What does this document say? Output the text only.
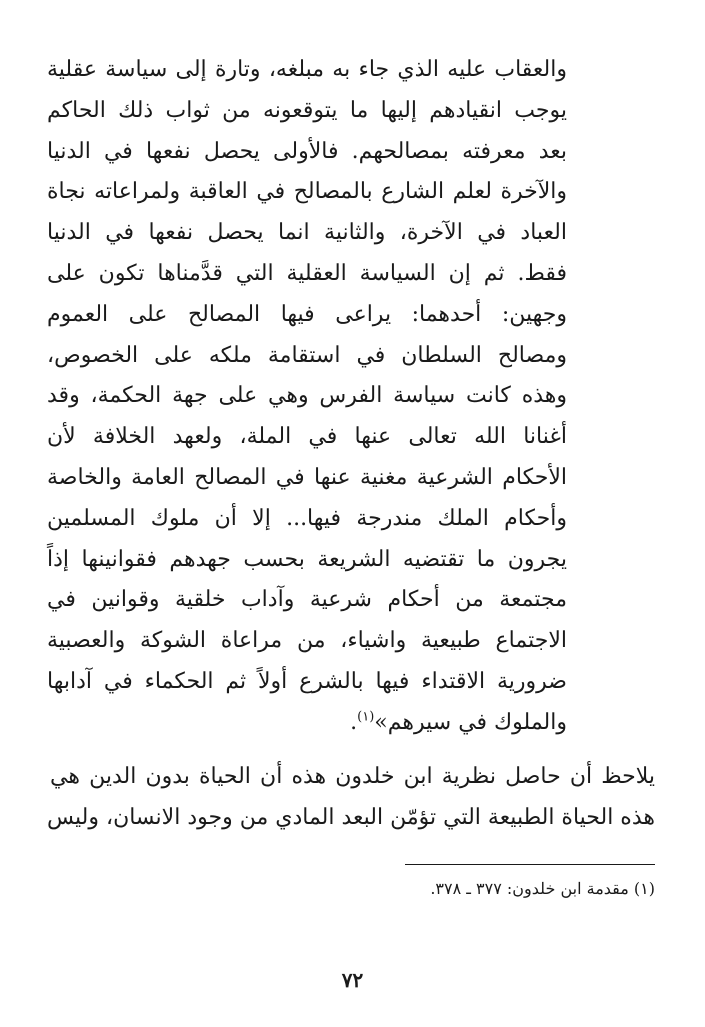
والعقاب عليه الذي جاء به مبلغه، وتارة إلى سياسة عقلية
يوجب انقيادهم إليها ما يتوقعونه من ثواب ذلك الحاكم
بعد معرفته بمصالحهم. فالأولى يحصل نفعها في الدنيا
والآخرة لعلم الشارع بالمصالح في العاقبة ولمراعاته نجاة
العباد في الآخرة، والثانية انما يحصل نفعها في الدنيا
فقط. ثم إن السياسة العقلية التي قدَّمناها تكون على
وجهين: أحدهما: يراعى فيها المصالح على العموم
ومصالح السلطان في استقامة ملكه على الخصوص،
وهذه كانت سياسة الفرس وهي على جهة الحكمة، وقد
أغنانا الله تعالى عنها في الملة، ولعهد الخلافة لأن
الأحكام الشرعية مغنية عنها في المصالح العامة والخاصة
وأحكام الملك مندرجة فيها... إلا أن ملوك المسلمين
يجرون ما تقتضيه الشريعة بحسب جهدهم فقوانينها إذاً
مجتمعة من أحكام شرعية وآداب خلقية وقوانين في
الاجتماع طبيعية واشياء، من مراعاة الشوكة والعصبية
ضرورية الاقتداء فيها بالشرع أولاً ثم الحكماء في آدابها
والملوك في سيرهم»$^{(١)}$.
يلاحظ أن حاصل نظرية ابن خلدون هذه أن الحياة بدون الدين هي
هذه الحياة الطبيعة التي تؤمّن البعد المادي من وجود الانسان، وليس
(١) مقدمة ابن خلدون: ٣٧٧ ـ ٣٧٨.
٧٢
